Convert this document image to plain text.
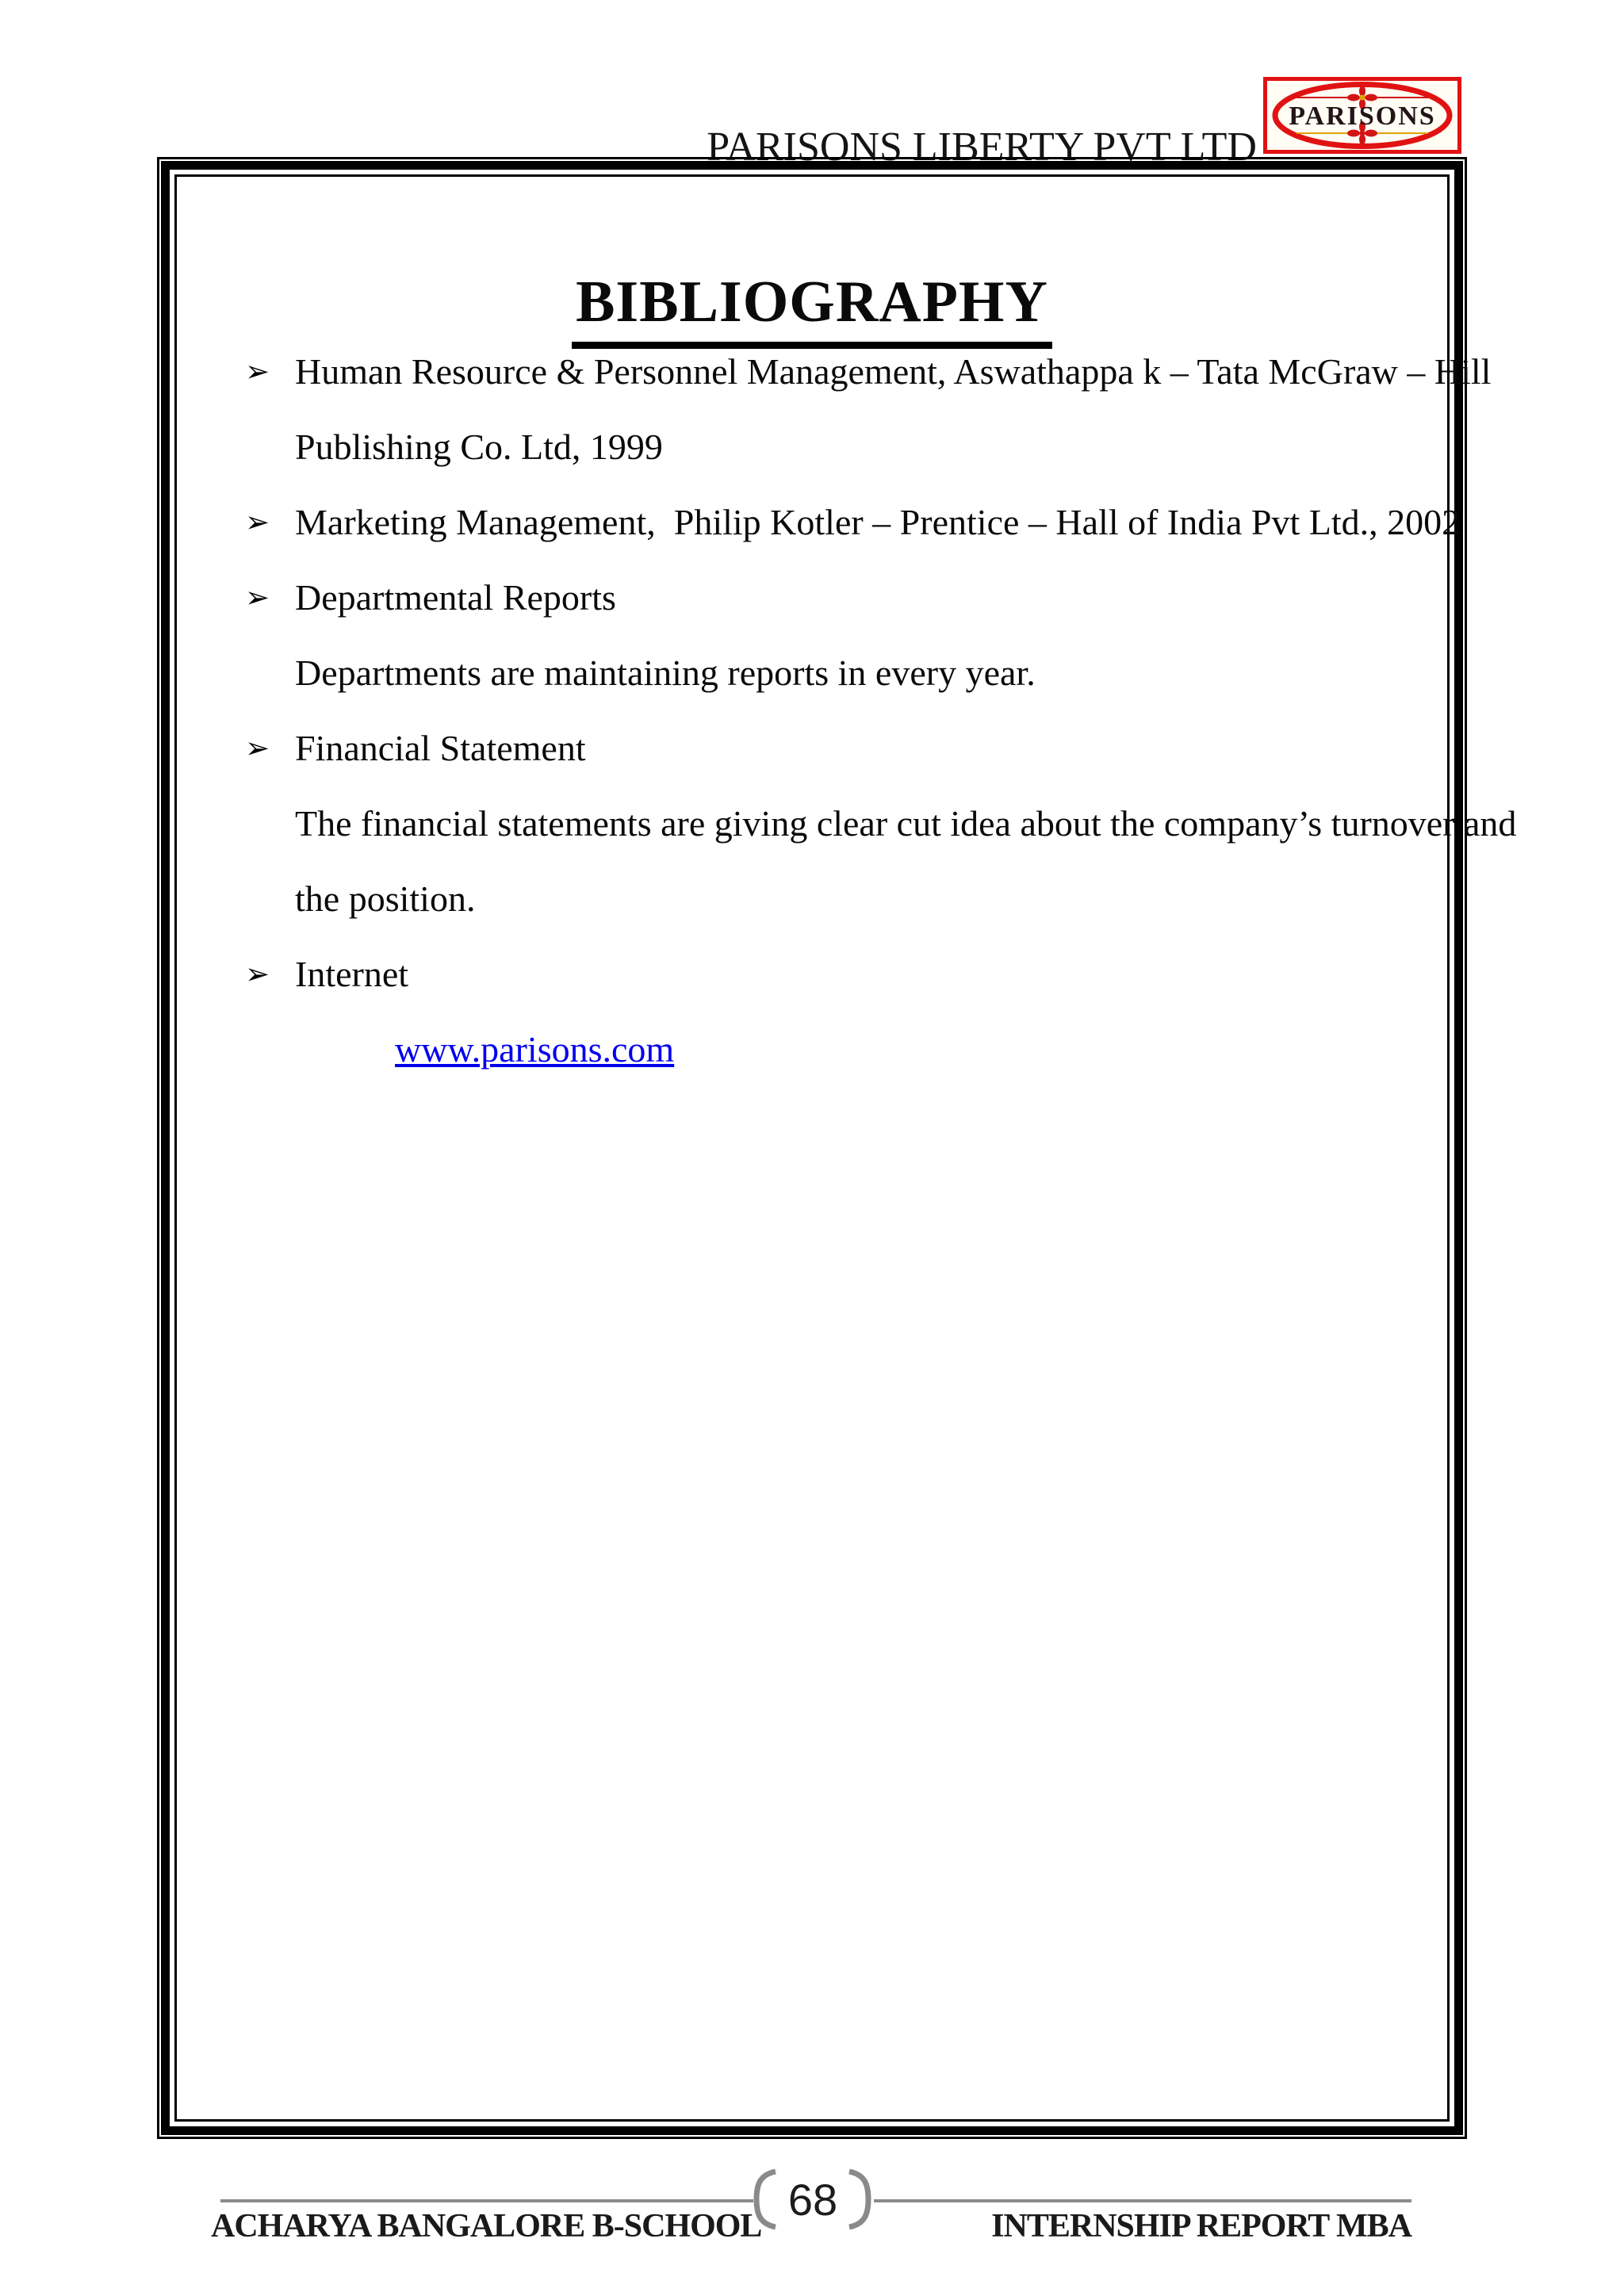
PARISONS LIBERTY PVT LTD
PARISONS
BIBLIOGRAPHY
➢ Human Resource & Personnel Management, Aswathappa k – Tata McGraw – Hill
Publishing Co. Ltd, 1999
➢ Marketing Management,  Philip Kotler – Prentice – Hall of India Pvt Ltd., 2002
➢ Departmental Reports
Departments are maintaining reports in every year.
➢ Financial Statement
The financial statements are giving clear cut idea about the company’s turnover and
the position.
➢ Internet
www.parisons.com
68
ACHARYA BANGALORE B-SCHOOL	INTERNSHIP REPORT MBA
